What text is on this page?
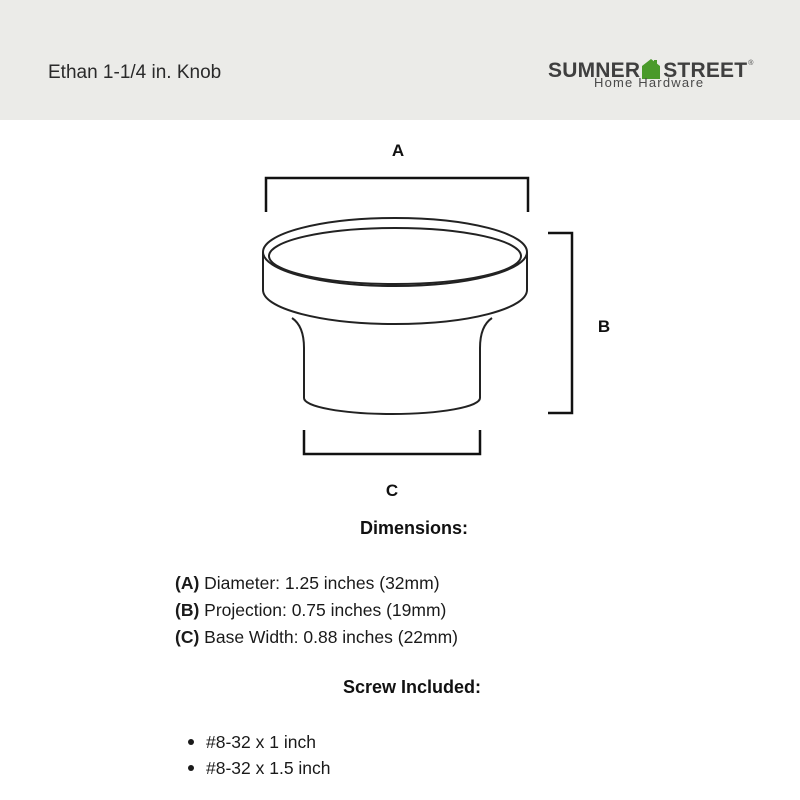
Ethan 1-1/4 in. Knob	SUMNER STREET®
Home Hardware
A
B
C
Dimensions:
(A) Diameter: 1.25 inches (32mm)
(B) Projection: 0.75 inches (19mm)
(C) Base Width: 0.88 inches (22mm)
Screw Included:
#8-32 x 1 inch
#8-32 x 1.5 inch
